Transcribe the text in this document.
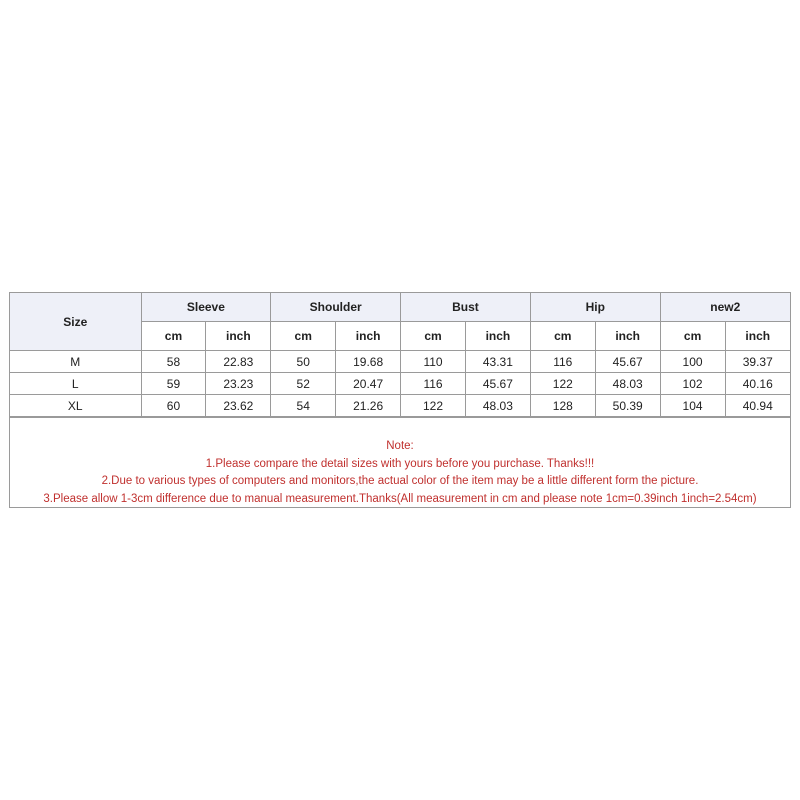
Size	Sleeve		Shoulder		Bust		Hip		new2	
	cm	inch	cm	inch	cm	inch	cm	inch	cm	inch
M	58	22.83	50	19.68	110	43.31	116	45.67	100	39.37
L	59	23.23	52	20.47	116	45.67	122	48.03	102	40.16
XL	60	23.62	54	21.26	122	48.03	128	50.39	104	40.94
Note:
1.Please compare the detail sizes with yours before you purchase. Thanks!!!
2.Due to various types of computers and monitors,the actual color of the item may be a little different form the picture.
3.Please allow 1-3cm difference due to manual measurement.Thanks(All measurement in cm and please note 1cm=0.39inch 1inch=2.54cm)
